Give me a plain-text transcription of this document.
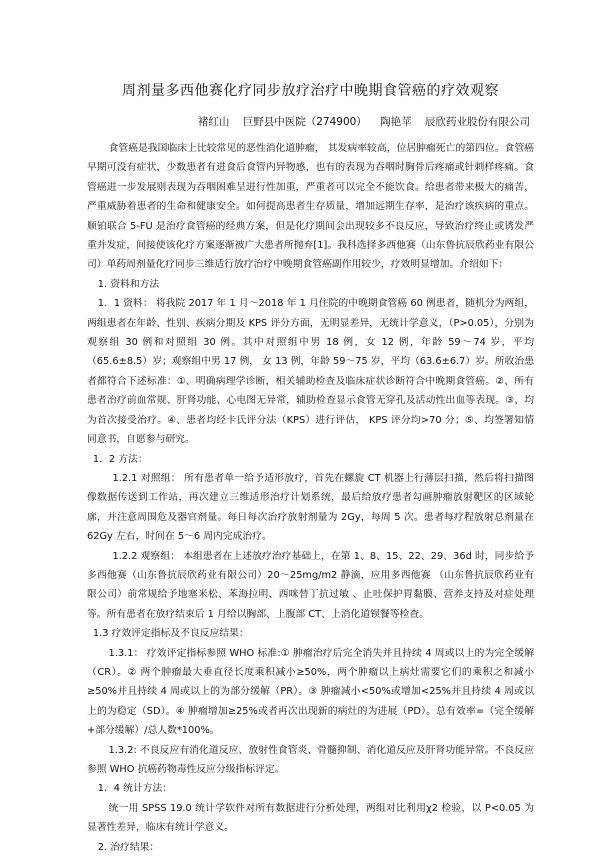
周剂量多西他赛化疗同步放疗治疗中晚期食管癌的疗效观察
褚红山 巨野县中医院（274900） 陶艳苹 辰欣药业股份有限公司

食管癌是我国临床上比较常见的恶性消化道肿瘤， 其发病率较高，位居肿瘤死亡的第四位。食管癌早期可没有症状，少数患者有进食后食管内异物感，也有的表现为吞咽时胸骨后疼痛或针刺样疼痛。食管癌进一步发展则表现为吞咽困难呈进行性加重，严重者可以完全不能饮食。给患者带来极大的痛苦，严重威胁着患者的生命和健康安全。如何提高患者生存质量，增加远期生存率，是治疗该疾病的重点。顺铂联合 5-FU 是治疗食管癌的经典方案，但是化疗期间会出现较多不良反应，导致治疗终止或诱发严重并发症，间接使该化疗方案逐渐被广大患者所抛弃[1]。我科选择多西他赛（山东鲁抗辰欣药业有限公司）单药周剂量化疗同步三维适行放疗治疗中晚期食管癌副作用较少，疗效明显增加。介绍如下：

1. 资料和方法

1．1 资料： 将我院 2017 年 1 月～2018 年 1 月住院的中晚期食管癌 60 例患者，随机分为两组，两组患者在年龄、性别、疾病分期及 KPS 评分方面，无明显差异，无统计学意义，（P>0.05），分别为观察组 30 例和对照组 30 例。其中对照组中男 18 例，女 12 例，年龄 59～74 岁，平均（65.6±8.5）岁；观察组中男 17 例， 女 13 例，年龄 59～75 岁，平均（63.6±6.7）岁。所收治患者都符合下述标准：①、明确病理学诊断，相关辅助检查及临床症状诊断符合中晚期食管癌。②、所有患者治疗前血常规、肝肾功能、心电图无异常，辅助检查显示食管无穿孔及活动性出血等表现。③、均为首次接受治疗。④、患者均经卡氏评分法（KPS）进行评估， KPS 评分均>70 分；⑤、均签署知情同意书，自愿参与研究。

1．2 方法：

1.2.1 对照组： 所有患者单一给予适形放疗，首先在螺旋 CT 机器上行薄层扫描，然后将扫描图像数据传送到工作站，再次建立三维适形治疗计划系统，最后给放疗患者勾画肿瘤放射靶区的区域轮廓，并注意周围危及器官剂量。每日每次治疗放射剂量为 2Gy，每周 5 次。患者每疗程放射总剂量在 62Gy 左右，时间在 5～6 周内完成治疗。

1.2.2 观察组： 本组患者在上述放疗治疗基础上，在第 1、8、15、22、29、36d 时，同步给予多西他赛（山东鲁抗辰欣药业有限公司）20～25mg/m2 静滴，应用多西他赛 （山东鲁抗辰欣药业有限公司）前常规给予地塞米松、苯海拉明、西咪替丁抗过敏 、止吐保护胃黏膜、营养支持及对症处理等。所有患者在放疗结束后 1 月给以胸部、上腹部 CT、上消化道钡餐等检查。

1.3 疗效评定指标及不良反应结果：

1.3.1： 疗效评定指标参照 WHO 标准:① 肿瘤治疗后完全消失并且持续 4 周或以上的为完全缓解（CR）。② 两个肿瘤最大垂直径长度乘积减小≥50%，两个肿瘤以上病灶需要它们的乘积之和减小≥50%并且持续 4 周或以上的为部分缓解（PR）。③ 肿瘤减小<50%或增加<25%并且持续 4 周或以上的为稳定（SD）。④ 肿瘤增加≥25%或者再次出现新的病灶的为进展（PD）。总有效率=（完全缓解+部分缓解）/总人数*100%。

1.3.2: 不良反应有消化道反应、放射性食管炎、骨髓抑制、消化道反应及肝肾功能异常。不良反应参照 WHO 抗癌药物毒性反应分级指标评定。

1．4 统计方法：

统一用 SPSS 19.0 统计学软件对所有数据进行分析处理，两组对比利用χ2 检验，以 P<0.05 为显著性差异，临床有统计学意义。

2. 治疗结果：
